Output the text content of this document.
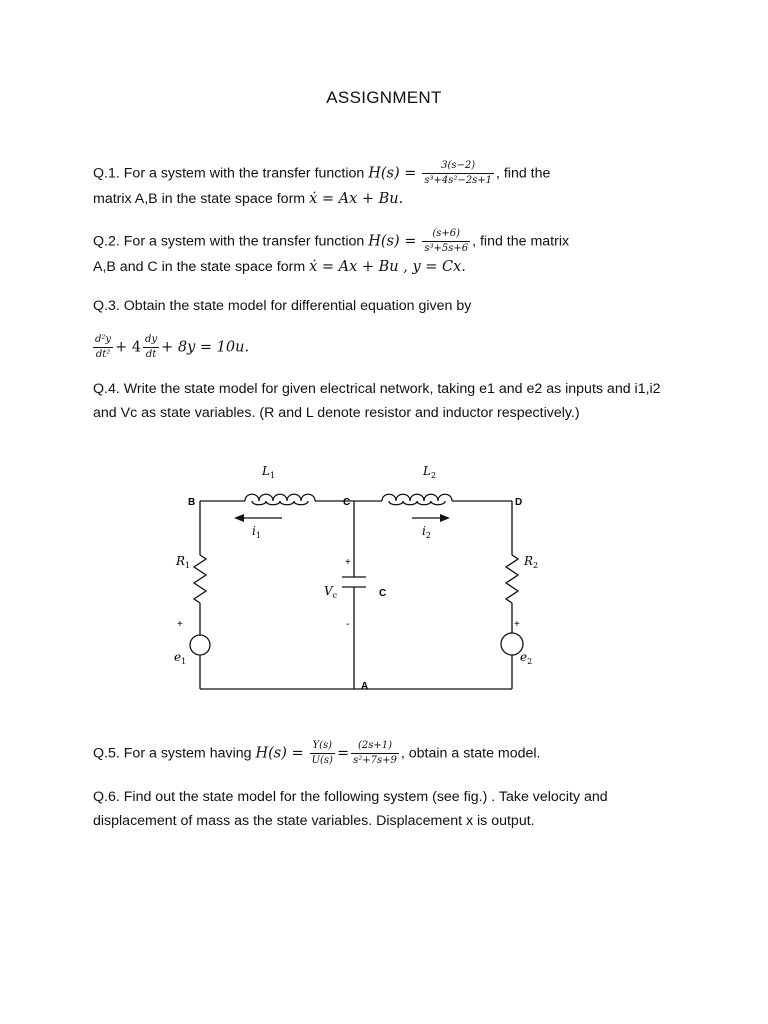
ASSIGNMENT
Q.1. For a system with the transfer function $H(s) = \frac{3(s-2)}{\text{s³+4s²−2s+1}}$ , find the
matrix A,B in the state space form ẋ = Ax + Bu.
Q.2. For a system with the transfer function $H(s) = \frac{(s+6)}{\text{s³+5s+6}}$ , find the matrix
A,B and C in the state space form ẋ = Ax + Bu , y = Cx.
Q.3. Obtain the state model for differential equation given by
$\frac{\text{d²y}}{\text{dt²}} + 4 \frac{dy}{dt} + 8y = 10u$.
Q.4. Write the state model for given electrical network, taking e1 and e2 as inputs and i1,i2 and Vc as state variables. (R and L denote resistor and inductor respectively.)
B	C	D
A
$L_1$	$L_2$
$i_1$	$i_2$
$R_1$	$R_2$
$V_c$	C
$e_1$	$e_2$
+
-
+	+
Q.5. For a system having $H(s) = \frac{Y(s)}{U(s)} = \frac{(2s+1)}{\text{s²+7s+9}}$ , obtain a state model.
Q.6. Find out the state model for the following system (see fig.) . Take velocity and displacement of mass as the state variables. Displacement x is output.
